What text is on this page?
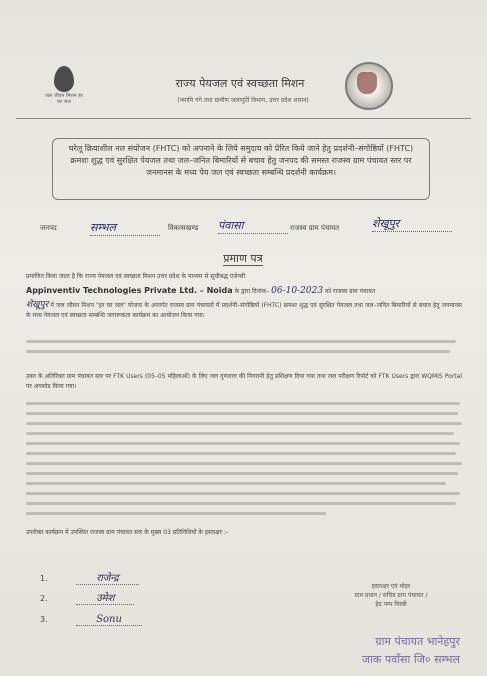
जल जीवन मिशन हर घर जल
राज्य पेयजल एवं स्वच्छता मिशन
(नमामि गंगे तथा ग्रामीण जलापूर्ति विभाग, उत्तर प्रदेश शासन)
घरेलू क्रियाशील नल संयोजन (FHTC) को अपनाने के लिये समुदाय को प्रेरित किये जाने हेतु प्रदर्शनी–संगोष्ठियों (FHTC) क्रमशः शुद्ध एवं सुरक्षित पेयजल तथा जल–जनित बिमारियों से बचाव हेतु जनपद की समस्त राजस्व ग्राम पंचायत स्तर पर जनमानस के मध्य पेय जल एवं स्वच्छता सम्बन्धि प्रदर्शनी कार्यक्रम।
जनपद	सम्भल	विकासखण्ड पंवासा	राजस्व ग्राम पंचायत	शेखूपुर
प्रमाण पत्र
प्रमाणित किया जाता है कि राज्य पेयजल एवं स्वच्छता मिशन उत्तर प्रदेश के माध्यम से सूचीबद्ध एजेन्सी
Appinventiv Technologies Private Ltd. – Noida के द्वारा दिनांक– 06-10-2023 को राजस्व ग्राम पंचायत
शेखूपुर में जल जीवन मिशन "हर घर जल" योजना के अन्तर्गत राजस्व ग्राम पंचायतों में प्रदर्शनी–संगोष्ठियों (FHTC) क्रमशः शुद्ध एवं सुरक्षित पेयजल तथा जल–जनित बिमारियों से बचाव हेतु जनमानस के मध्य पेयजल एवं स्वच्छता सम्बन्धि जागरूकता कार्यक्रम का आयोजन किया गया।
उक्त के अतिरिक्त ग्राम पंचायत स्तर पर FTK Users (05–05 महिलाओं) के लिए जल गुणवत्ता की निगरानी हेतु प्रशिक्षण दिया गया तथा जल परीक्षण रिपोर्ट को FTK Users द्वारा WQMIS Portal पर अपलोड किया गया।
उपरोक्त कार्यक्रम में उपस्थित राजस्व ग्राम पंचायत स्तर के मुख्य 03 प्रतिनिधियों के हस्ताक्षर :-
1.	राजेन्द्र
2.	उमेश
3.	Sonu
हस्ताक्षर एवं मोहर
ग्राम प्रधान / सचिव ग्राम पंचायत /
हेड पम्प मिस्त्री
ग्राम पंचायत भानेहपुर
जाक पवाँसा जि० सम्भल
